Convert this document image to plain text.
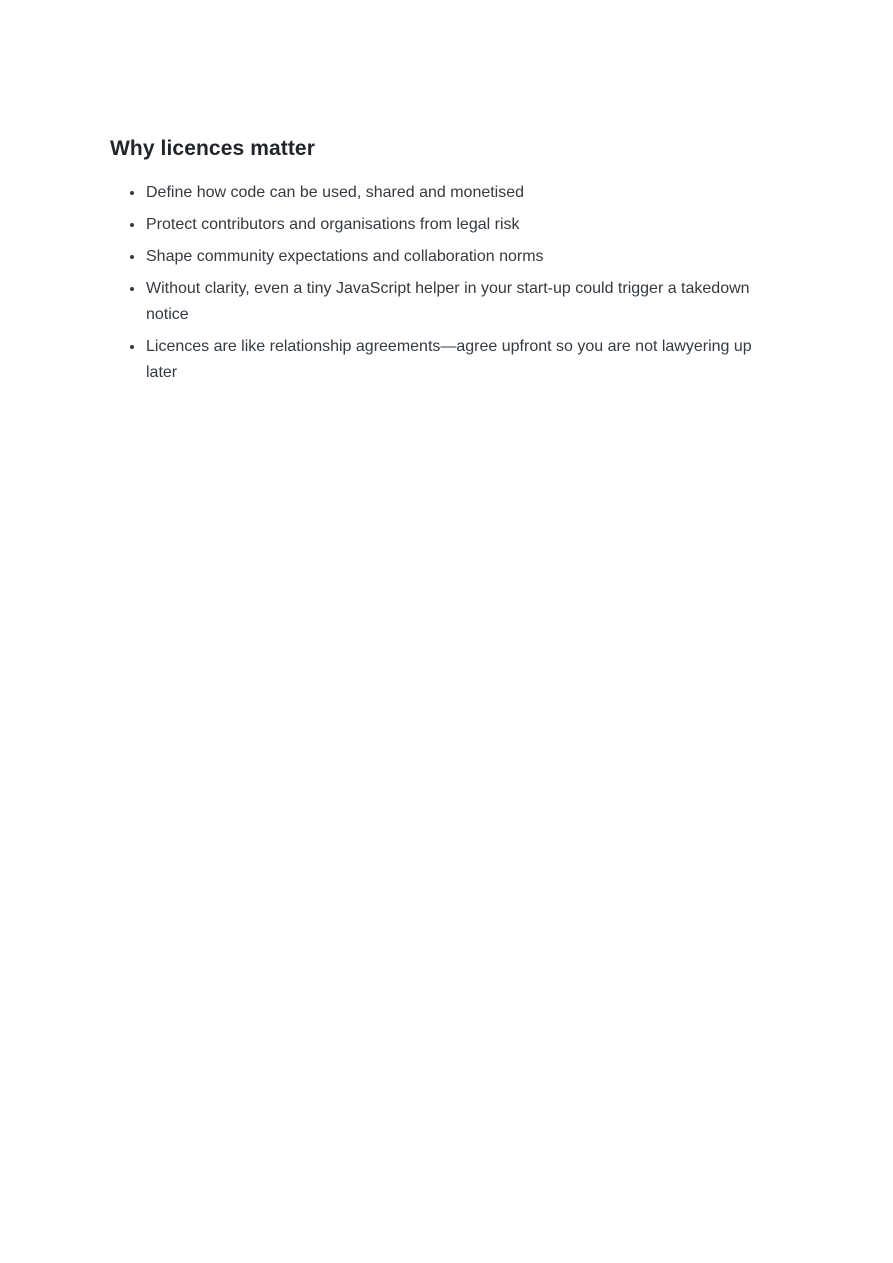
Why licences matter
• Define how code can be used, shared and monetised
• Protect contributors and organisations from legal risk
• Shape community expectations and collaboration norms
• Without clarity, even a tiny JavaScript helper in your start-up could trigger a takedown notice
• Licences are like relationship agreements—agree upfront so you are not lawyering up later
